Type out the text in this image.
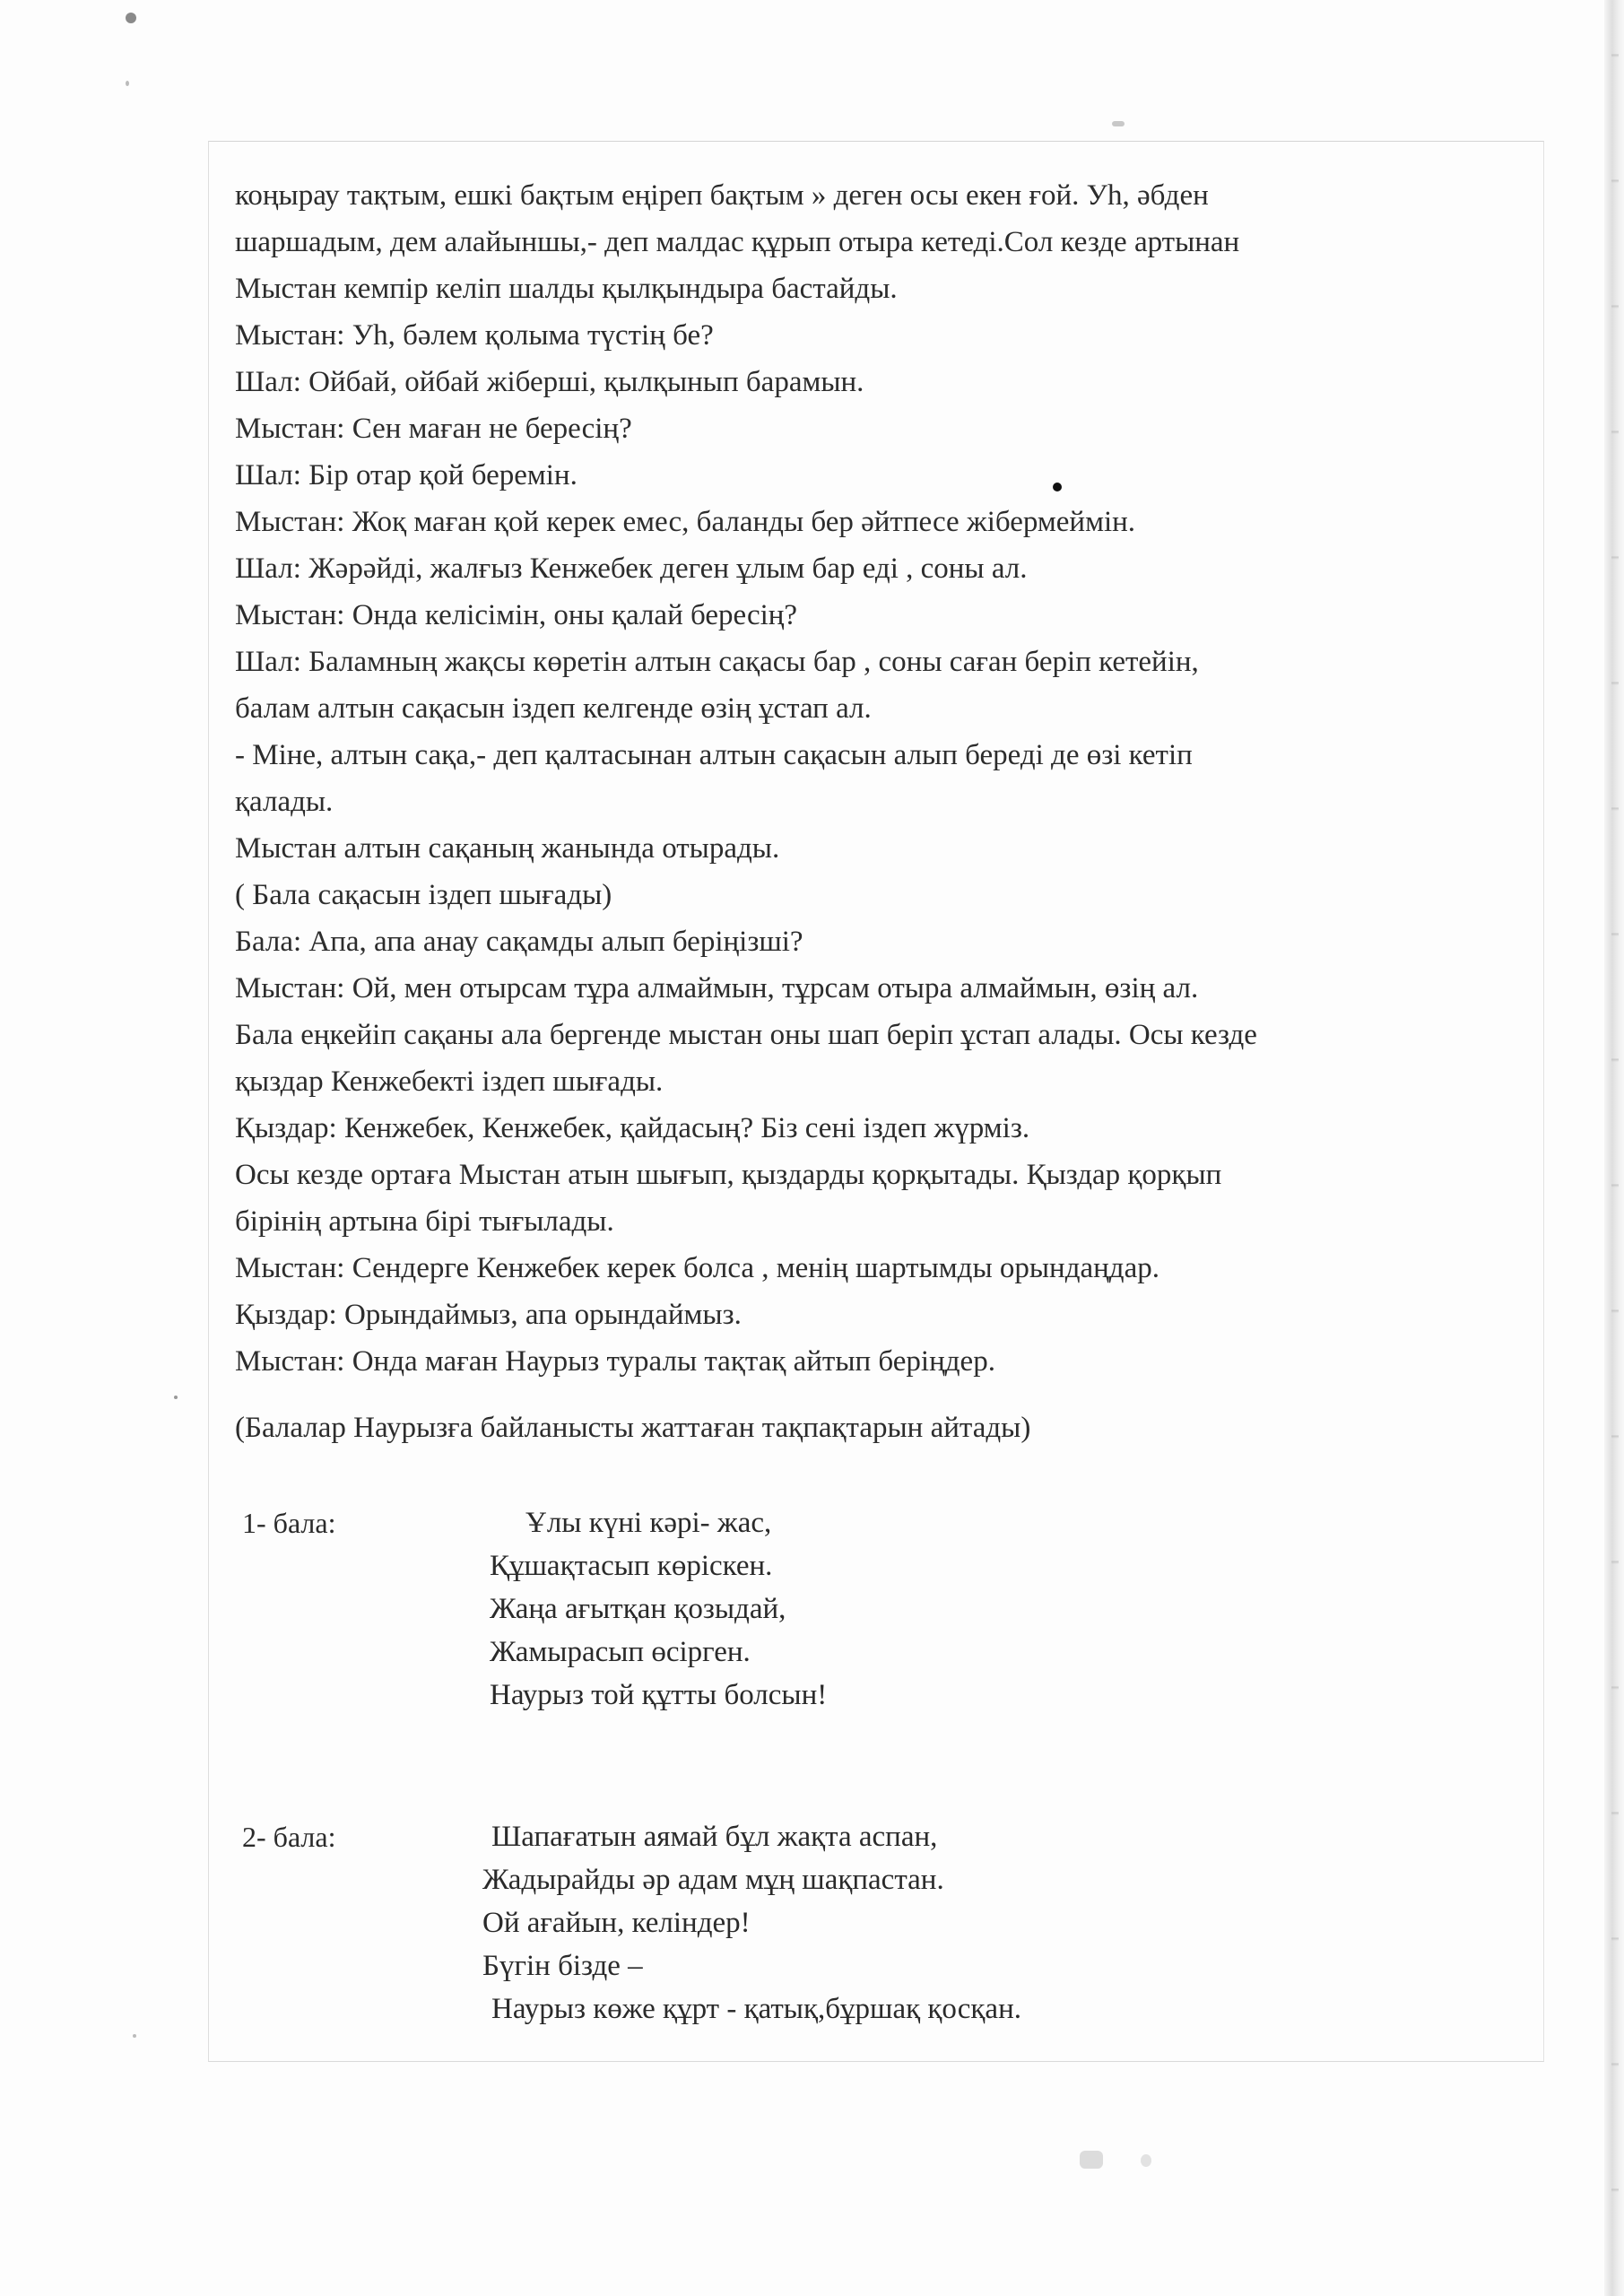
коңырау тақтым, ешкі бақтым еңіреп бақтым » деген осы екен ғой. Уһ, әбден
шаршадым, дем алайыншы,- деп малдас құрып отыра кетеді.Сол кезде артынан
Мыстан кемпір келіп шалды қылқындыра бастайды.
Мыстан: Уһ, бәлем қолыма түстің бе?
Шал: Ойбай, ойбай жіберші, қылқынып барамын.
Мыстан: Сен маған не бересің?
Шал: Бір отар қой беремін.
Мыстан: Жоқ маған қой керек емес, баланды бер әйтпесе жібермеймін.
Шал: Жәрәйді, жалғыз Кенжебек деген ұлым бар еді , соны ал.
Мыстан: Онда келісімін, оны қалай бересің?
Шал: Баламның жақсы көретін алтын сақасы бар , соны саған беріп кетейін,
балам алтын сақасын іздеп келгенде өзің ұстап ал.
- Міне, алтын сақа,- деп қалтасынан алтын сақасын алып береді де өзі кетіп
қалады.
Мыстан алтын сақаның жанында отырады.
( Бала сақасын іздеп шығады)
Бала: Апа, апа анау сақамды алып беріңізші?
Мыстан: Ой, мен отырсам тұра алмаймын, тұрсам отыра алмаймын, өзің ал.
Бала еңкейіп сақаны ала бергенде мыстан оны шап беріп ұстап алады. Осы кезде
қыздар Кенжебекті іздеп шығады.
Қыздар: Кенжебек, Кенжебек, қайдасың? Біз сені іздеп жүрміз.
Осы кезде ортаға Мыстан атын шығып, қыздарды қорқытады. Қыздар қорқып
бірінің артына бірі тығылады.
Мыстан: Сендерге Кенжебек керек болса , менің шартымды орындаңдар.
Қыздар: Орындаймыз, апа орындаймыз.
Мыстан: Онда маған Наурыз туралы тақтақ айтып беріңдер.
(Балалар Наурызға байланысты жаттаған тақпақтарын айтады)
1- бала:	Ұлы күні кәрі- жас,
Құшақтасып көріскен.
Жаңа ағытқан қозыдай,
Жамырасып өсірген.
Наурыз той құтты болсын!
2- бала:	Шапағатын аямай бұл жақта аспан,
Жадырайды әр адам мұң шақпастан.
Ой ағайын, келіндер!
Бүгін бізде –
Наурыз көже құрт - қатық,бұршақ қосқан.
